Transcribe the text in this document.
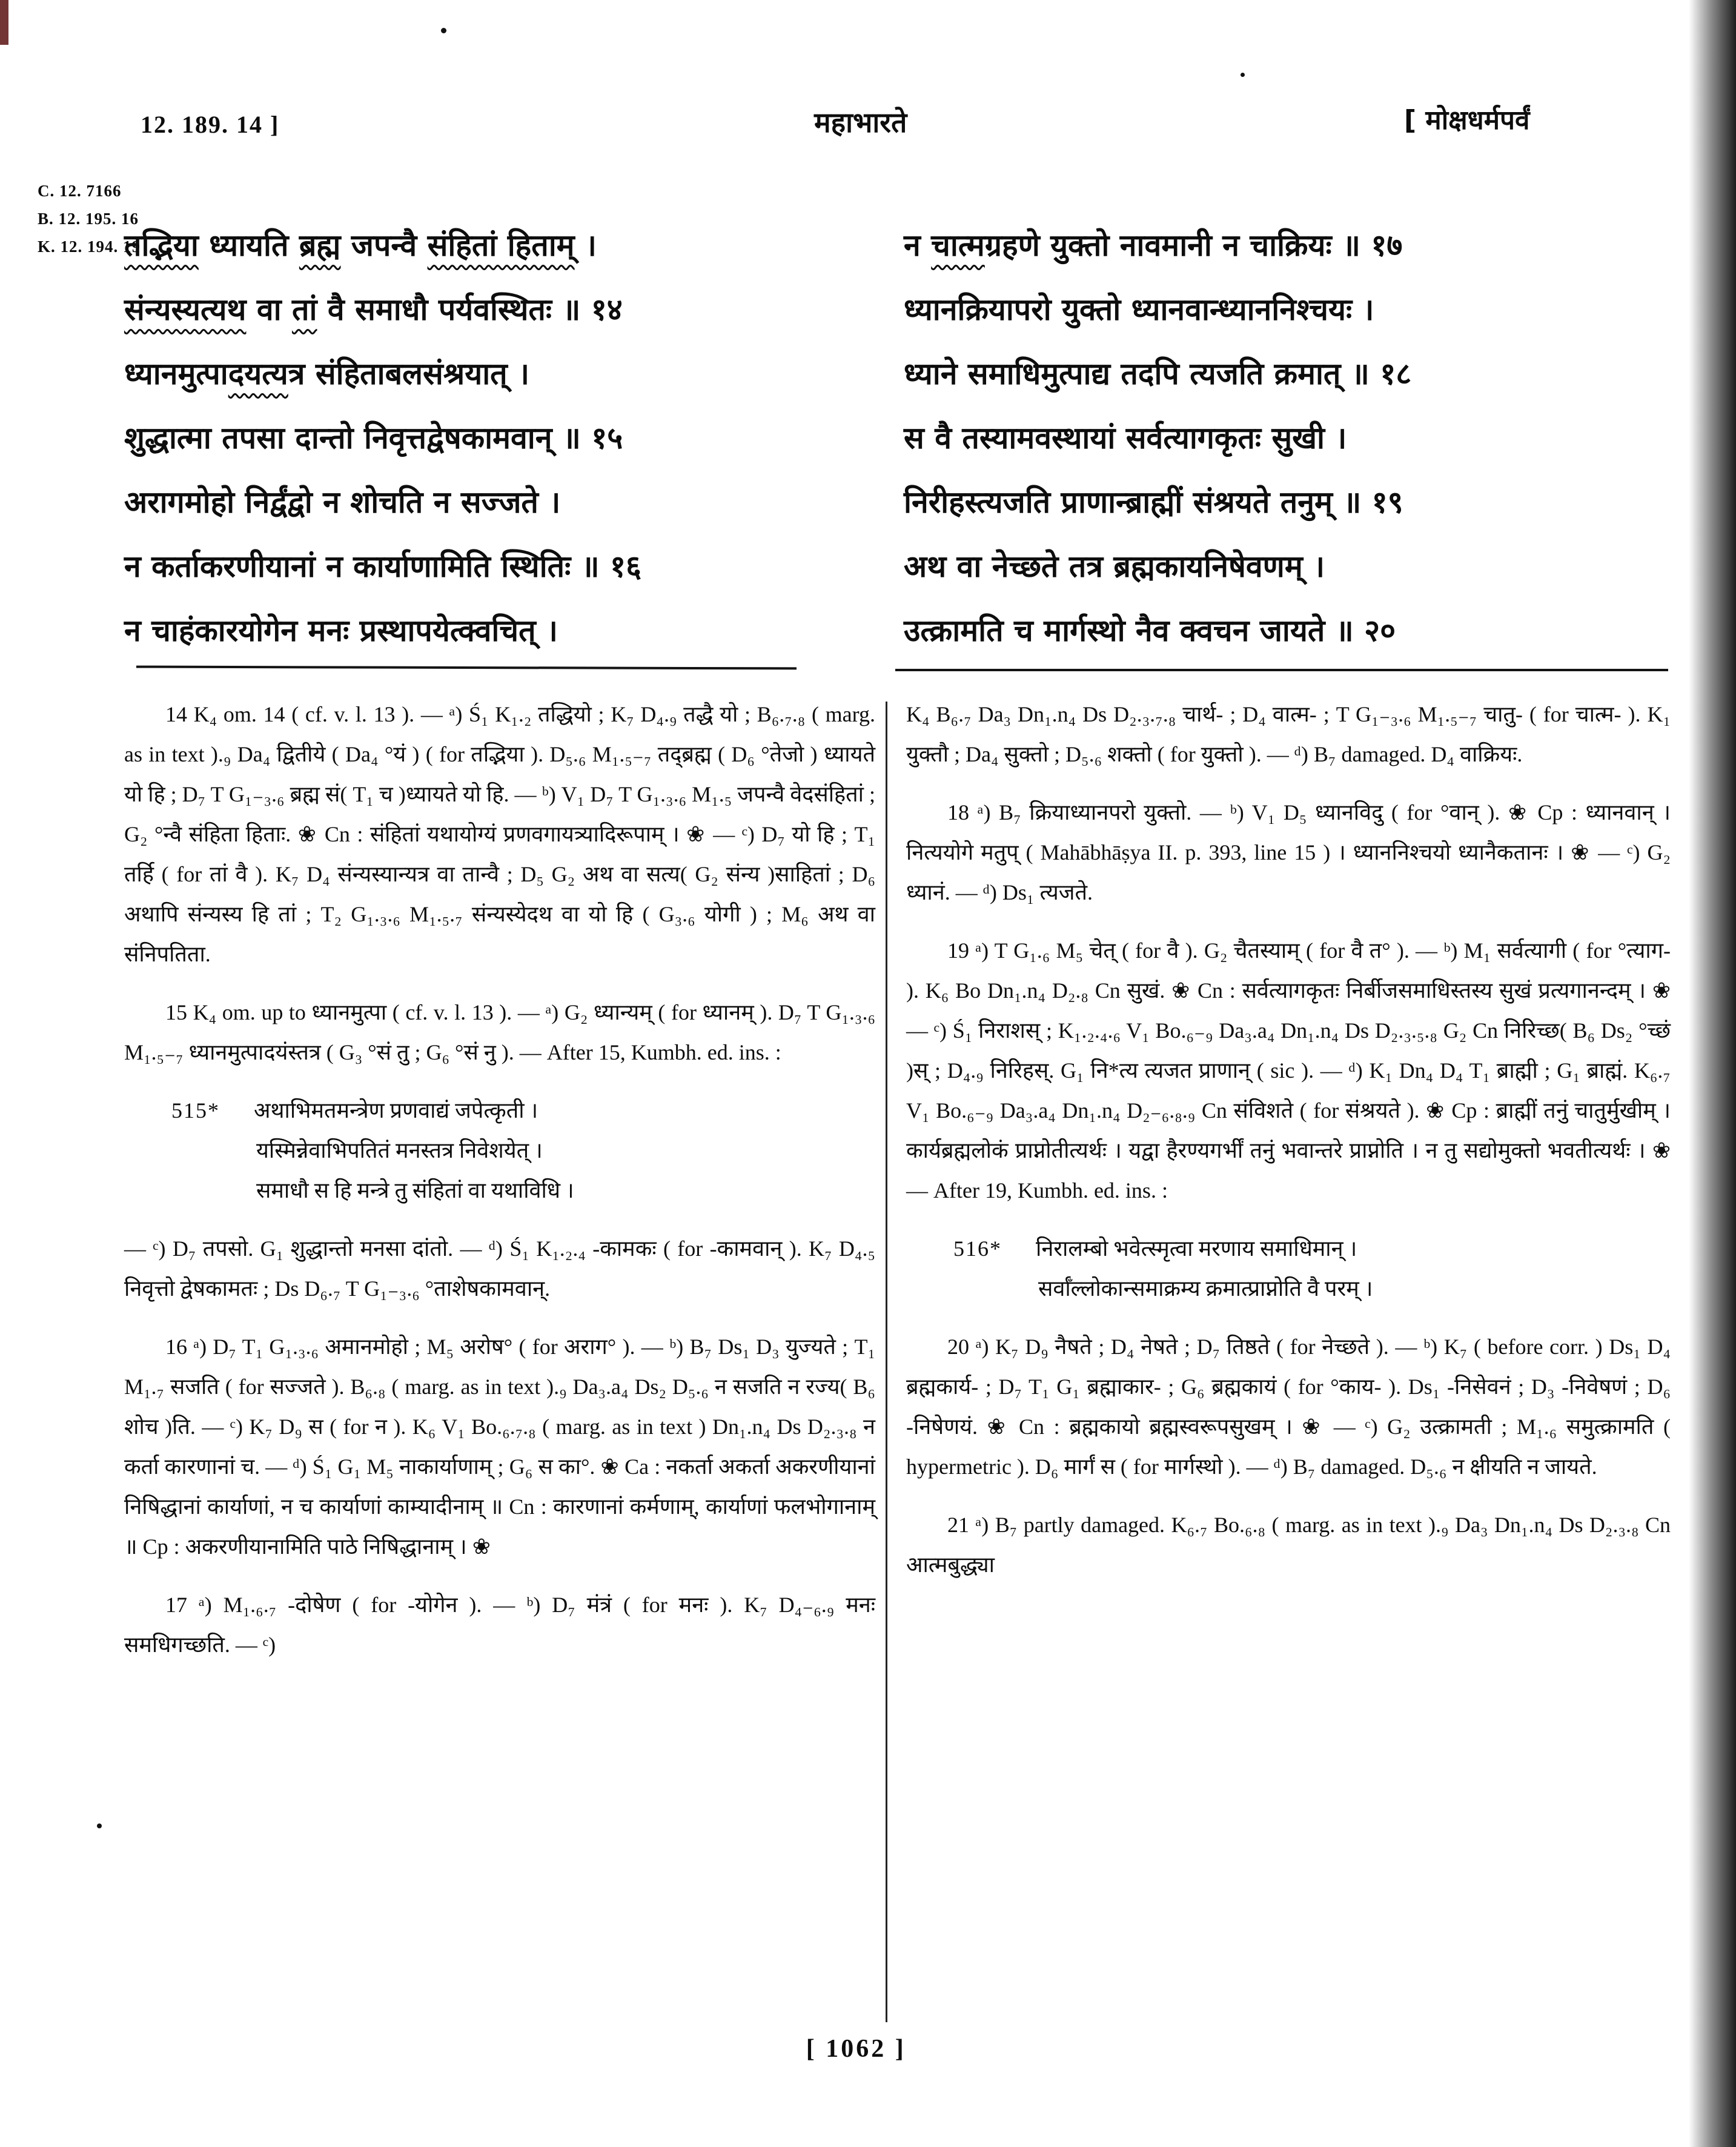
12. 189. 14 ]	महाभारते	[ मोक्षधर्मपर्वं
C. 12. 7166
B. 12. 195. 16
K. 12. 194. 19
तद्भिया ध्यायति ब्रह्म जपन्वै संहितां हिताम् ।
संन्यस्यत्यथ वा तां वै समाधौ पर्यवस्थितः ॥ १४
ध्यानमुत्पादयत्यत्र संहिताबलसंश्रयात् ।
शुद्धात्मा तपसा दान्तो निवृत्तद्वेषकामवान् ॥ १५
अरागमोहो निर्द्वंद्वो न शोचति न सज्जते ।
न कर्ताकरणीयानां न कार्याणामिति स्थितिः ॥ १६
न चाहंकारयोगेन मनः प्रस्थापयेत्क्वचित् ।
न चात्मग्रहणे युक्तो नावमानी न चाक्रियः ॥ १७
ध्यानक्रियापरो युक्तो ध्यानवान्ध्याननिश्चयः ।
ध्याने समाधिमुत्पाद्य तदपि त्यजति क्रमात् ॥ १८
स वै तस्यामवस्थायां सर्वत्यागकृतः सुखी ।
निरीहस्त्यजति प्राणान्ब्राह्मीं संश्रयते तनुम् ॥ १९
अथ वा नेच्छते तत्र ब्रह्मकायनिषेवणम् ।
उत्क्रामति च मार्गस्थो नैव क्वचन जायते ॥ २०

14 K₄ om. 14 ( cf. v. l. 13 ). — ᵃ) Ś₁ K₁.₂ तद्धियो ; K₇ D₄.₉ तद्धै यो ; B₆.₇.₈ ( marg. as in text ).₉ Da₄ द्वितीये ( Da₄ °यं ) ( for तद्भिया ). D₅.₆ M₁.₅₋₇ तद्ब्रह्म ( D₆ °तेजो ) ध्यायते यो हि ; D₇ T G₁₋₃.₆ ब्रह्म सं( T₁ च )ध्यायते यो हि. — ᵇ) V₁ D₇ T G₁.₃.₆ M₁.₅ जपन्वै वेदसंहितां ; G₂ °न्वै संहिता हिताः. ❀ Cn : संहितां यथायोग्यं प्रणवगायत्र्यादिरूपाम् । ❀ — ᶜ) D₇ यो हि ; T₁ तर्हि ( for तां वै ). K₇ D₄ संन्यस्यान्यत्र वा तान्वै ; D₅ G₂ अथ वा सत्य( G₂ संन्य )साहितां ; D₆ अथापि संन्यस्य हि तां ; T₂ G₁.₃.₆ M₁.₅.₇ संन्यस्येदथ वा यो हि ( G₃.₆ योगी ) ; M₆ अथ वा संनिपतिता.

15 K₄ om. up to ध्यानमुत्पा ( cf. v. l. 13 ). — ᵃ) G₂ ध्यान्यम् ( for ध्यानम् ). D₇ T G₁.₃.₆ M₁.₅₋₇ ध्यानमुत्पादयंस्तत्र ( G₃ °सं तु ; G₆ °सं नु ). — After 15, Kumbh. ed. ins. :

515* अथाभिमतमन्त्रेण प्रणवाद्यं जपेत्कृती ।
यस्मिन्नेवाभिपतितं मनस्तत्र निवेशयेत् ।
समाधौ स हि मन्त्रे तु संहितां वा यथाविधि ।

— ᶜ) D₇ तपसो. G₁ शुद्धान्तो मनसा दांतो. — ᵈ) Ś₁ K₁.₂.₄ -कामकः ( for -कामवान् ). K₇ D₄.₅ निवृत्तो द्वेषकामतः ; Ds D₆.₇ T G₁₋₃.₆ °ताशेषकामवान्.

16 ᵃ) D₇ T₁ G₁.₃.₆ अमानमोहो ; M₅ अरोष° ( for अराग° ). — ᵇ) B₇ Ds₁ D₃ युज्यते ; T₁ M₁.₇ सजति ( for सज्जते ). B₆.₈ ( marg. as in text ).₉ Da₃.a₄ Ds₂ D₅.₆ न सजति न रज्य( B₆ शोच )ति. — ᶜ) K₇ D₉ स ( for न ). K₆ V₁ Bo.₆.₇.₈ ( marg. as in text ) Dn₁.n₄ Ds D₂.₃.₈ न कर्ता कारणानां च. — ᵈ) Ś₁ G₁ M₅ नाकार्याणाम् ; G₆ स का°. ❀ Ca : नकर्ता अकर्ता अकरणीयानां निषिद्धानां कार्याणां, न च कार्याणां काम्यादीनाम् ॥ Cn : कारणानां कर्मणाम्, कार्याणां फलभोगानाम् ॥ Cp : अकरणीयानामिति पाठे निषिद्धानाम् । ❀

17 ᵃ) M₁.₆.₇ -दोषेण ( for -योगेन ). — ᵇ) D₇ मंत्रं ( for मनः ). K₇ D₄₋₆.₉ मनः समधिगच्छति. — ᶜ)

K₄ B₆.₇ Da₃ Dn₁.n₄ Ds D₂.₃.₇.₈ चार्थ- ; D₄ वात्म- ; T G₁₋₃.₆ M₁.₅₋₇ चातु- ( for चात्म- ). K₁ युक्तौ ; Da₄ सुक्तो ; D₅.₆ शक्तो ( for युक्तो ). — ᵈ) B₇ damaged. D₄ वाक्रियः.

18 ᵃ) B₇ क्रियाध्यानपरो युक्तो. — ᵇ) V₁ D₅ ध्यानविदु ( for °वान् ). ❀ Cp : ध्यानवान् । नित्ययोगे मतुप् ( Mahābhāṣya II. p. 393, line 15 ) । ध्याननिश्चयो ध्यानैकतानः । ❀ — ᶜ) G₂ ध्यानं. — ᵈ) Ds₁ त्यजते.

19 ᵃ) T G₁.₆ M₅ चेत् ( for वै ). G₂ चैतस्याम् ( for वै त° ). — ᵇ) M₁ सर्वत्यागी ( for °त्याग- ). K₆ Bo Dn₁.n₄ D₂.₈ Cn सुखं. ❀ Cn : सर्वत्यागकृतः निर्बीजसमाधिस्तस्य सुखं प्रत्यगानन्दम् । ❀ — ᶜ) Ś₁ निराशस् ; K₁.₂.₄.₆ V₁ Bo.₆₋₉ Da₃.a₄ Dn₁.n₄ Ds D₂.₃.₅.₈ G₂ Cn निरिच्छ( B₆ Ds₂ °च्छं )स् ; D₄.₉ निरिहस्. G₁ नि*त्य त्यजत प्राणान् ( sic ). — ᵈ) K₁ Dn₄ D₄ T₁ ब्राह्मी ; G₁ ब्राह्मं. K₆.₇ V₁ Bo.₆₋₉ Da₃.a₄ Dn₁.n₄ D₂₋₆.₈.₉ Cn संविशते ( for संश्रयते ). ❀ Cp : ब्राह्मीं तनुं चातुर्मुखीम् । कार्यब्रह्मलोकं प्राप्नोतीत्यर्थः । यद्वा हैरण्यगर्भीं तनुं भवान्तरे प्राप्नोति । न तु सद्योमुक्तो भवतीत्यर्थः । ❀ — After 19, Kumbh. ed. ins. :

516* निरालम्बो भवेत्स्मृत्वा मरणाय समाधिमान् ।
सर्वाँल्लोकान्समाक्रम्य क्रमात्प्राप्नोति वै परम् ।

20 ᵃ) K₇ D₉ नैषते ; D₄ नेषते ; D₇ तिष्ठते ( for नेच्छते ). — ᵇ) K₇ ( before corr. ) Ds₁ D₄ ब्रह्मकार्य- ; D₇ T₁ G₁ ब्रह्माकार- ; G₆ ब्रह्मकायं ( for °काय- ). Ds₁ -निसेवनं ; D₃ -निवेषणं ; D₆ -निषेणयं. ❀ Cn : ब्रह्मकायो ब्रह्मस्वरूपसुखम् । ❀ — ᶜ) G₂ उत्क्रामती ; M₁.₆ समुत्क्रामति ( hypermetric ). D₆ मार्गं स ( for मार्गस्थो ). — ᵈ) B₇ damaged. D₅.₆ न क्षीयति न जायते.

21 ᵃ) B₇ partly damaged. K₆.₇ Bo.₆.₈ ( marg. as in text ).₉ Da₃ Dn₁.n₄ Ds D₂.₃.₈ Cn आत्मबुद्ध्या

[ 1062 ]
